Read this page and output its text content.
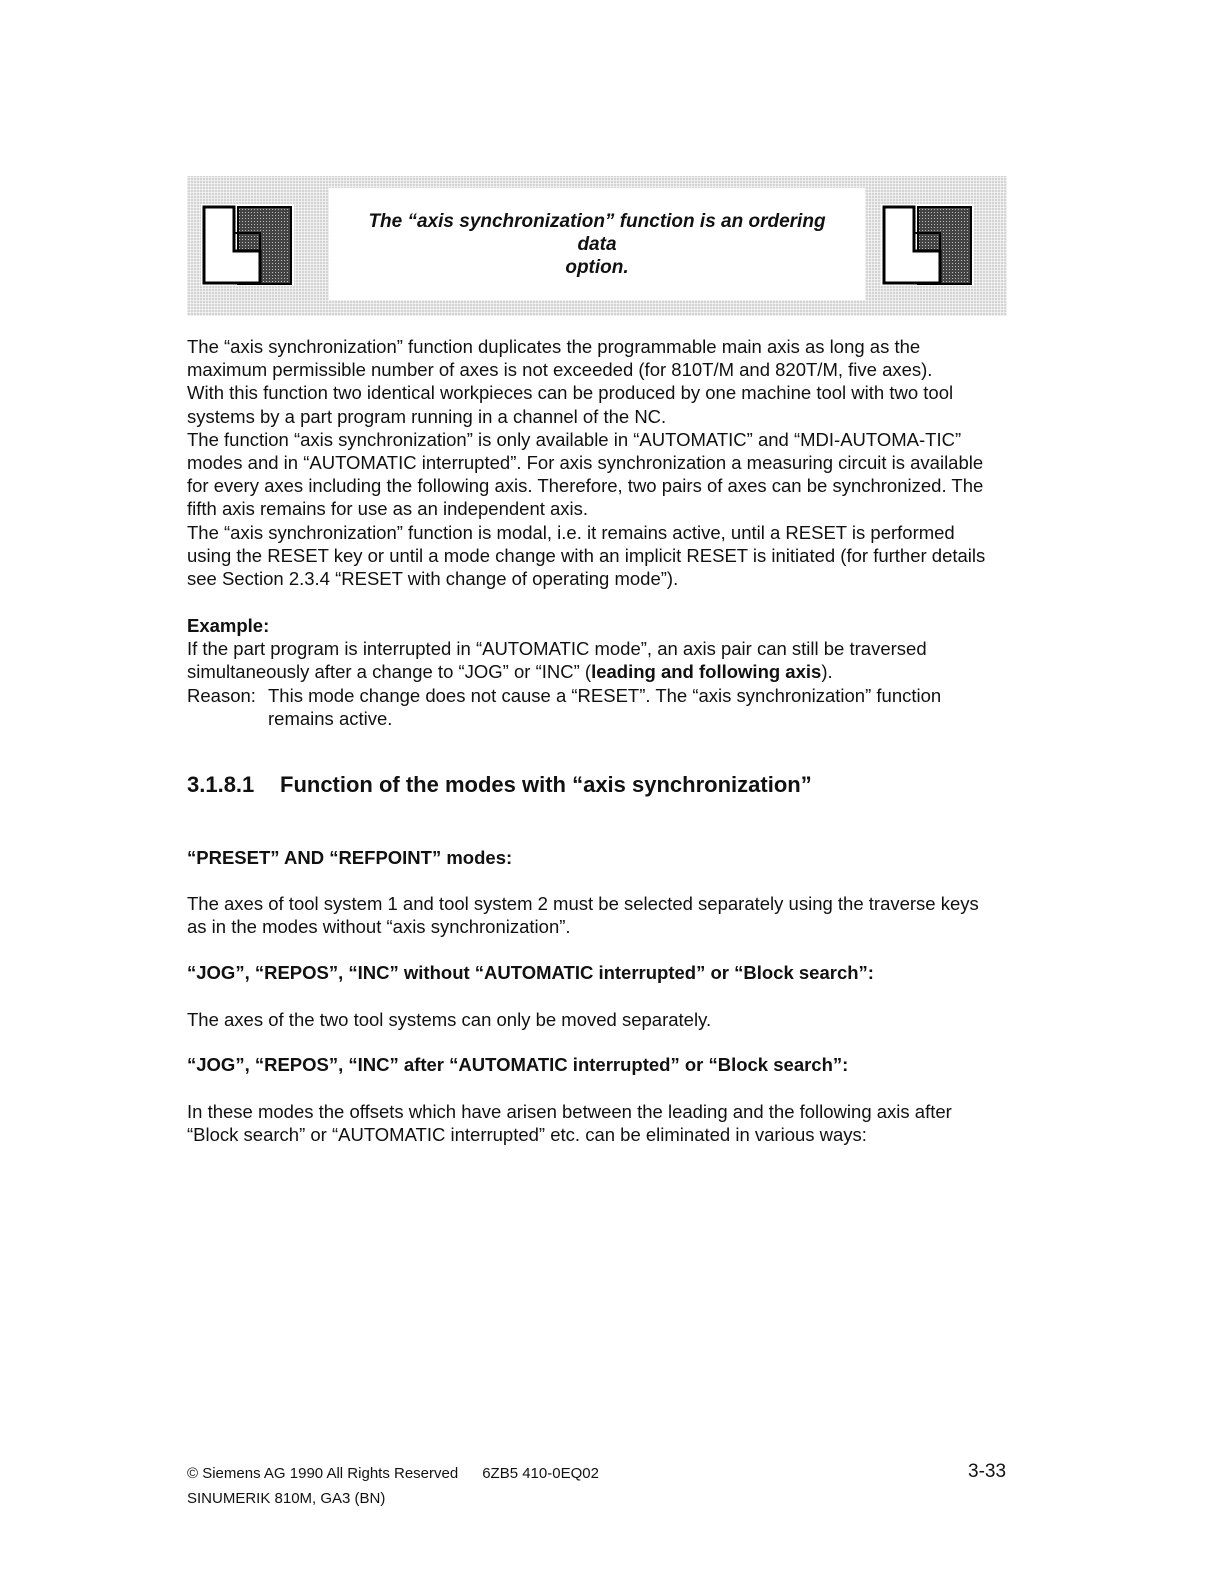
The “axis synchronization” function is an ordering data
option.
The “axis synchronization” function duplicates the programmable main axis as long as the maximum permissible number of axes is not exceeded (for 810T/M and 820T/M, five axes).
With this function two identical workpieces can be produced by one machine tool with two tool systems by a part program running in a channel of the NC.
The function “axis synchronization” is only available in “AUTOMATIC” and “MDI-AUTOMA-TIC” modes and in “AUTOMATIC interrupted”. For axis synchronization a measuring circuit is available for every axes including the following axis. Therefore, two pairs of axes can be synchronized. The fifth axis remains for use as an independent axis.
The “axis synchronization” function is modal, i.e. it remains active, until a RESET is performed using the RESET key or until a mode change with an implicit RESET is initiated (for further details see Section 2.3.4 “RESET with change of operating mode”).
Example:
If the part program is interrupted in “AUTOMATIC mode”, an axis pair can still be traversed simultaneously after a change to “JOG” or “INC” (leading and following axis).
Reason: This mode change does not cause a “RESET”. The “axis synchronization” function remains active.
3.1.8.1 Function of the modes with “axis synchronization”
“PRESET” AND “REFPOINT” modes:
The axes of tool system 1 and tool system 2 must be selected separately using the traverse keys as in the modes without “axis synchronization”.
“JOG”, “REPOS”, “INC” without “AUTOMATIC interrupted” or “Block search”:
The axes of the two tool systems can only be moved separately.
“JOG”, “REPOS”, “INC” after “AUTOMATIC interrupted” or “Block search”:
In these modes the offsets which have arisen between the leading and the following axis after “Block search” or “AUTOMATIC interrupted” etc. can be eliminated in various ways:
© Siemens AG 1990 All Rights Reserved 6ZB5 410-0EQ02
SINUMERIK 810M, GA3 (BN)
3-33
